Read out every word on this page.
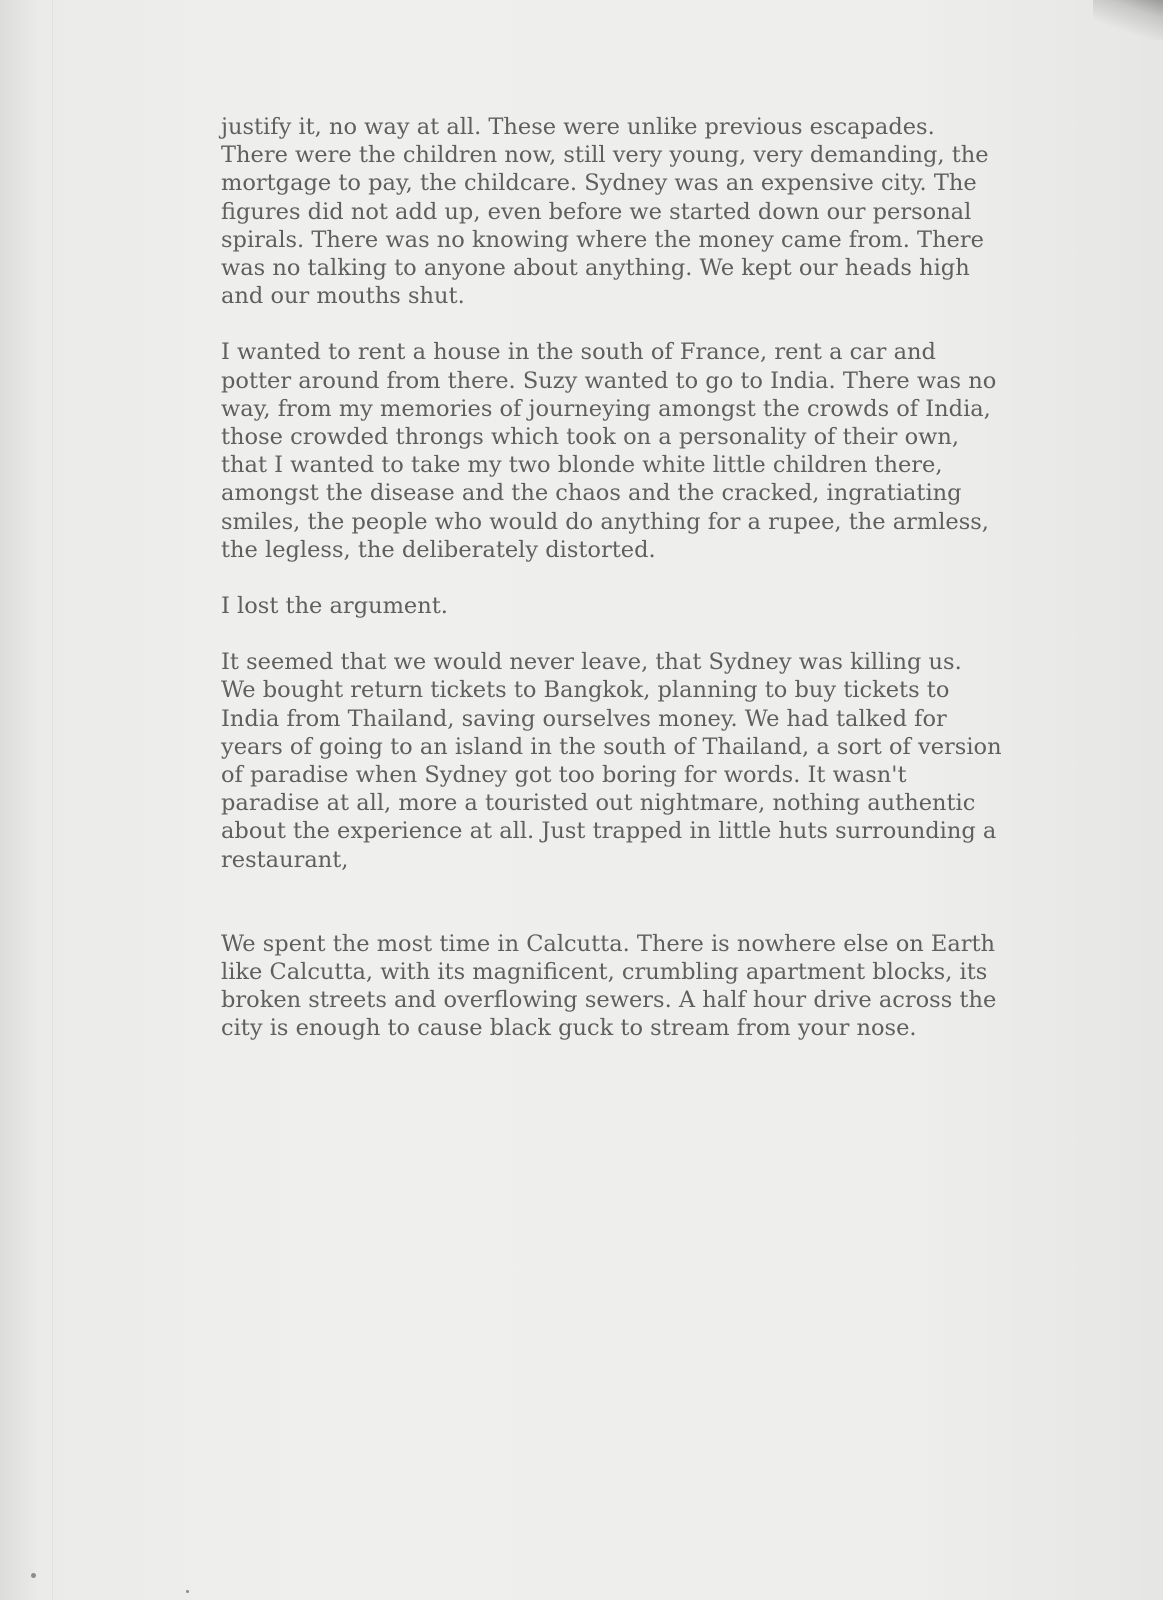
justify it, no way at all. These were unlike previous escapades.
There were the children now, still very young, very demanding, the
mortgage to pay, the childcare. Sydney was an expensive city. The
figures did not add up, even before we started down our personal
spirals. There was no knowing where the money came from. There
was no talking to anyone about anything. We kept our heads high
and our mouths shut.

I wanted to rent a house in the south of France, rent a car and
potter around from there. Suzy wanted to go to India. There was no
way, from my memories of journeying amongst the crowds of India,
those crowded throngs which took on a personality of their own,
that I wanted to take my two blonde white little children there,
amongst the disease and the chaos and the cracked, ingratiating
smiles, the people who would do anything for a rupee, the armless,
the legless, the deliberately distorted.

I lost the argument.

It seemed that we would never leave, that Sydney was killing us.
We bought return tickets to Bangkok, planning to buy tickets to
India from Thailand, saving ourselves money. We had talked for
years of going to an island in the south of Thailand, a sort of version
of paradise when Sydney got too boring for words. It wasn't
paradise at all, more a touristed out nightmare, nothing authentic
about the experience at all. Just trapped in little huts surrounding a
restaurant,

We spent the most time in Calcutta. There is nowhere else on Earth
like Calcutta, with its magnificent, crumbling apartment blocks, its
broken streets and overflowing sewers. A half hour drive across the
city is enough to cause black guck to stream from your nose.
